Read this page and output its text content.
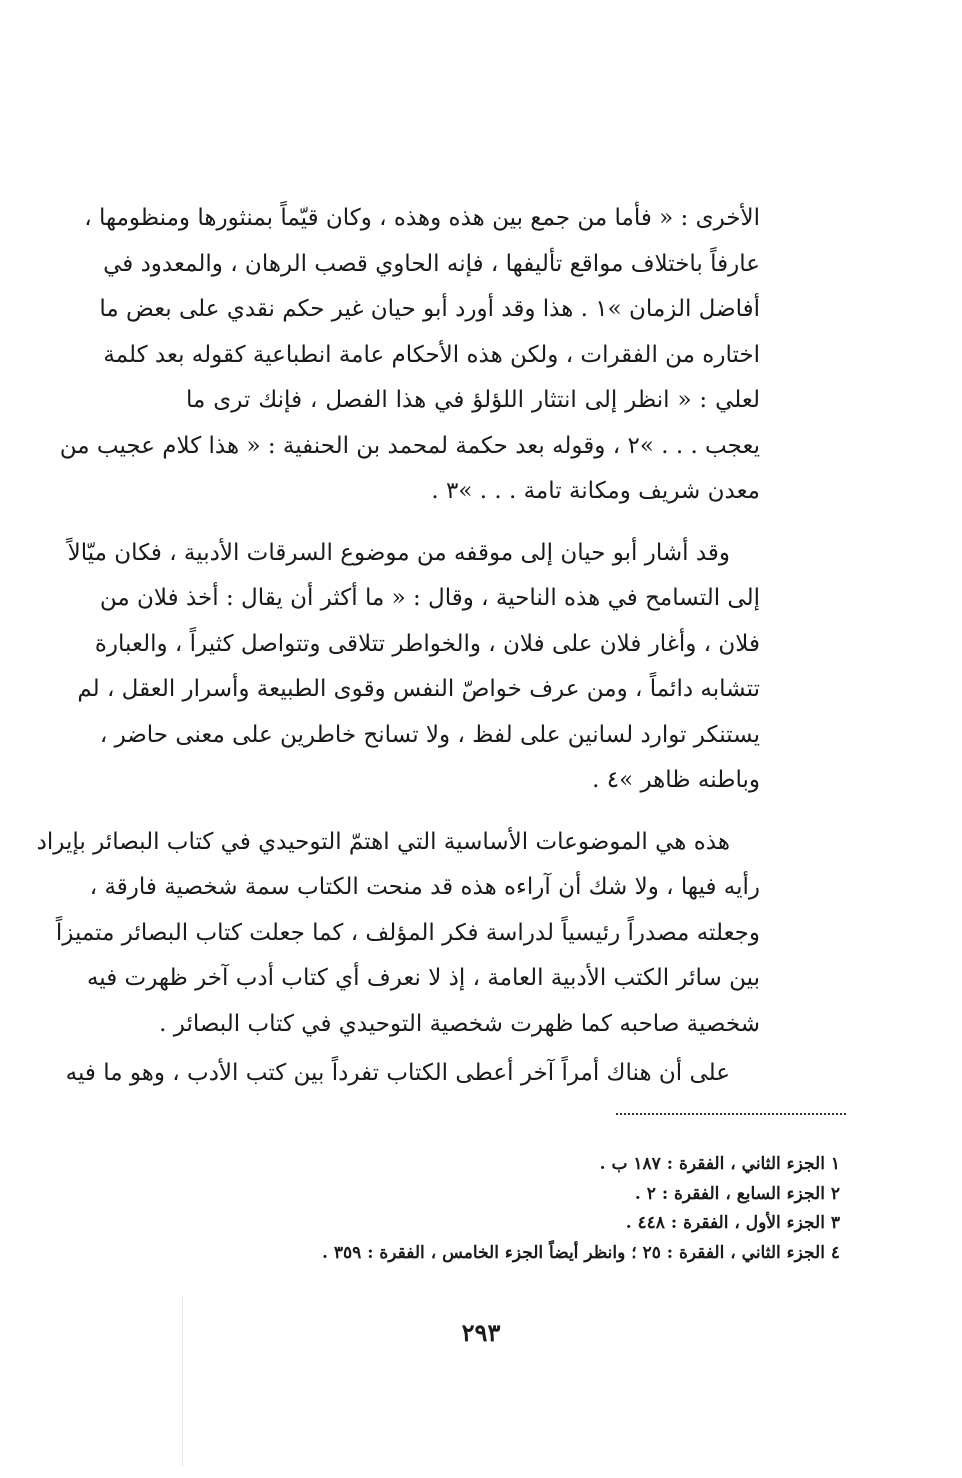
الأخرى : « فأما من جمع بين هذه وهذه ، وكان قيّماً بمنثورها ومنظومها ،
عارفاً باختلاف مواقع تأليفها ، فإنه الحاوي قصب الرهان ، والمعدود في
أفاضل الزمان »١ . هذا وقد أورد أبو حيان غير حكم نقدي على بعض ما
اختاره من الفقرات ، ولكن هذه الأحكام عامة انطباعية كقوله بعد كلمة
لعلي : « انظر إلى انتثار اللؤلؤ في هذا الفصل ، فإنك ترى ما
يعجب . . . »٢ ، وقوله بعد حكمة لمحمد بن الحنفية : « هذا كلام عجيب من
معدن شريف ومكانة تامة . . . »٣ .
وقد أشار أبو حيان إلى موقفه من موضوع السرقات الأدبية ، فكان ميّالاً
إلى التسامح في هذه الناحية ، وقال : « ما أكثر أن يقال : أخذ فلان من
فلان ، وأغار فلان على فلان ، والخواطر تتلاقى وتتواصل كثيراً ، والعبارة
تتشابه دائماً ، ومن عرف خواصّ النفس وقوى الطبيعة وأسرار العقل ، لم
يستنكر توارد لسانين على لفظ ، ولا تسانح خاطرين على معنى حاضر ،
وباطنه ظاهر »٤ .
هذه هي الموضوعات الأساسية التي اهتمّ التوحيدي في كتاب البصائر بإيراد
رأيه فيها ، ولا شك أن آراءه هذه قد منحت الكتاب سمة شخصية فارقة ،
وجعلته مصدراً رئيسياً لدراسة فكر المؤلف ، كما جعلت كتاب البصائر متميزاً
بين سائر الكتب الأدبية العامة ، إذ لا نعرف أي كتاب أدب آخر ظهرت فيه
شخصية صاحبه كما ظهرت شخصية التوحيدي في كتاب البصائر .
على أن هناك أمراً آخر أعطى الكتاب تفرداً بين كتب الأدب ، وهو ما فيه
١ الجزء الثاني ، الفقرة : ١٨٧ ب .
٢ الجزء السابع ، الفقرة : ٢ .
٣ الجزء الأول ، الفقرة : ٤٤٨ .
٤ الجزء الثاني ، الفقرة : ٢٥ ؛ وانظر أيضاً الجزء الخامس ، الفقرة : ٣٥٩ .
٢٩٣
